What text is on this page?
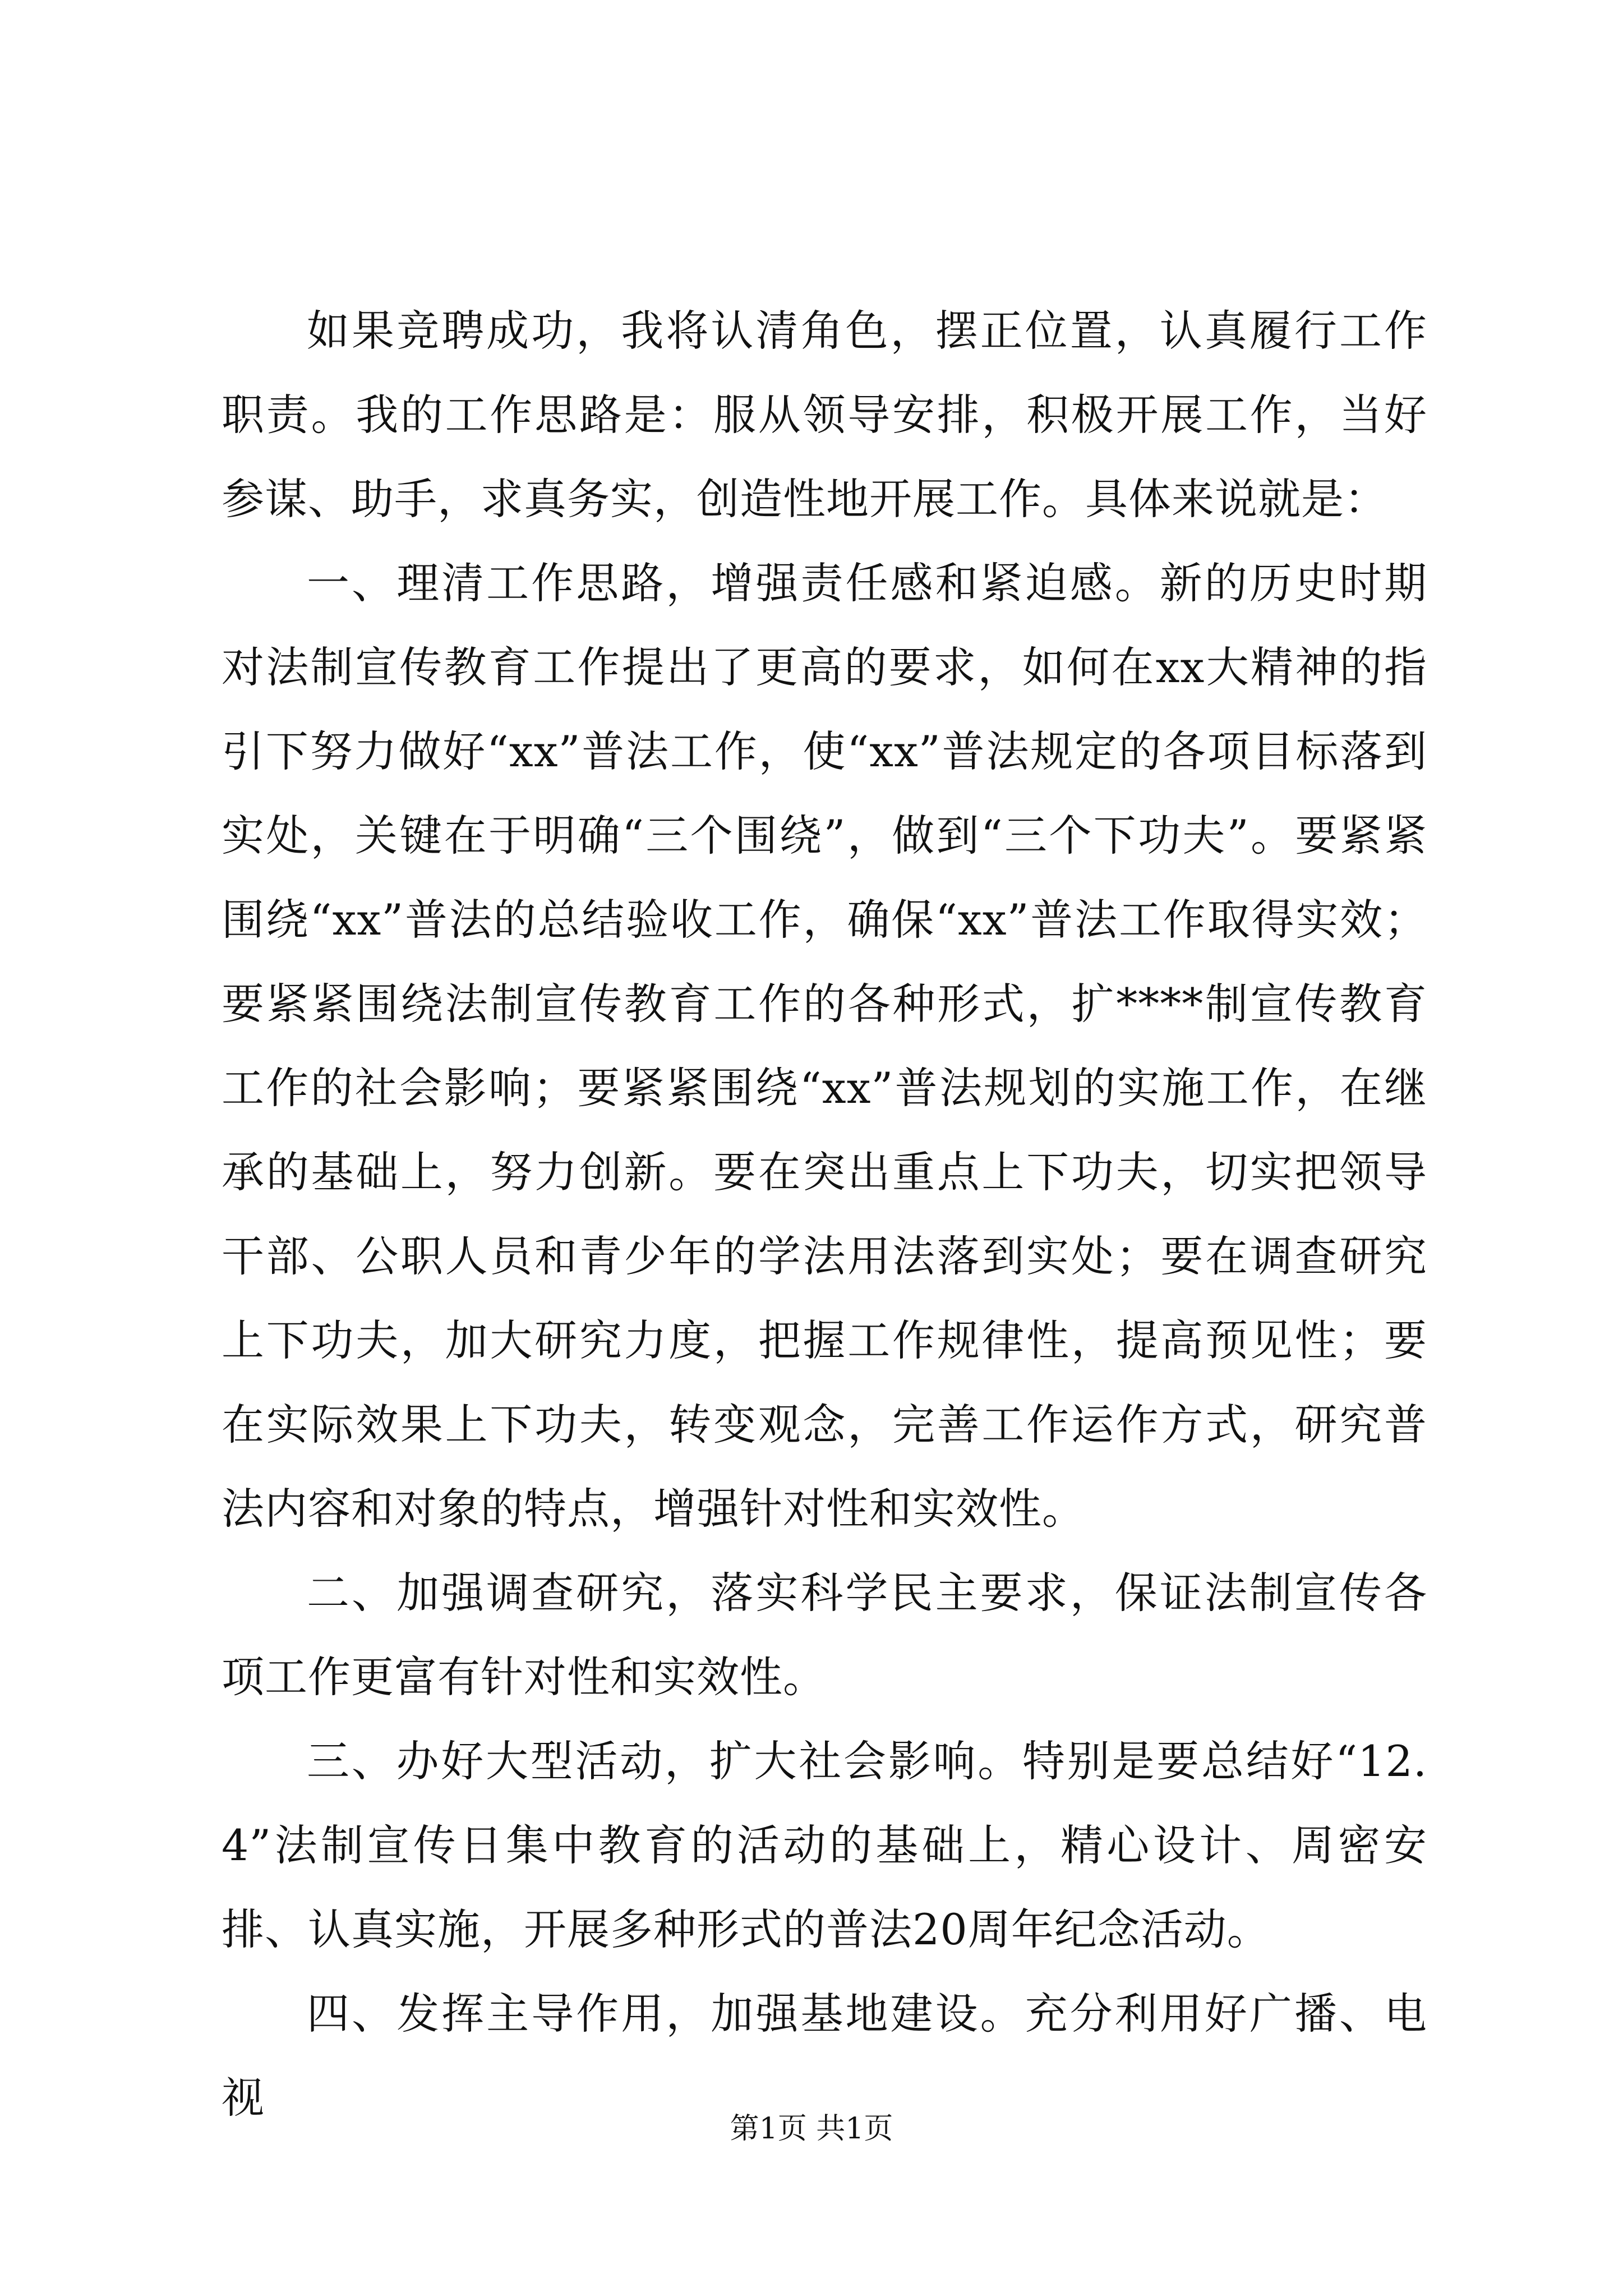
如果竞聘成功，我将认清角色，摆正位置，认真履行工作职责。我的工作思路是：服从领导安排，积极开展工作，当好参谋、助手，求真务实，创造性地开展工作。具体来说就是：

一、理清工作思路，增强责任感和紧迫感。新的历史时期对法制宣传教育工作提出了更高的要求，如何在xx大精神的指引下努力做好“xx”普法工作，使“xx”普法规定的各项目标落到实处，关键在于明确“三个围绕”，做到“三个下功夫”。要紧紧围绕“xx”普法的总结验收工作，确保“xx”普法工作取得实效；要紧紧围绕法制宣传教育工作的各种形式，扩****制宣传教育工作的社会影响；要紧紧围绕“xx”普法规划的实施工作，在继承的基础上，努力创新。要在突出重点上下功夫，切实把领导干部、公职人员和青少年的学法用法落到实处；要在调查研究上下功夫，加大研究力度，把握工作规律性，提高预见性；要在实际效果上下功夫，转变观念，完善工作运作方式，研究普法内容和对象的特点，增强针对性和实效性。

二、加强调查研究，落实科学民主要求，保证法制宣传各项工作更富有针对性和实效性。

三、办好大型活动，扩大社会影响。特别是要总结好“12.4”法制宣传日集中教育的活动的基础上，精心设计、周密安排、认真实施，开展多种形式的普法20周年纪念活动。

四、发挥主导作用，加强基地建设。充分利用好广播、电视

第1页 共1页
